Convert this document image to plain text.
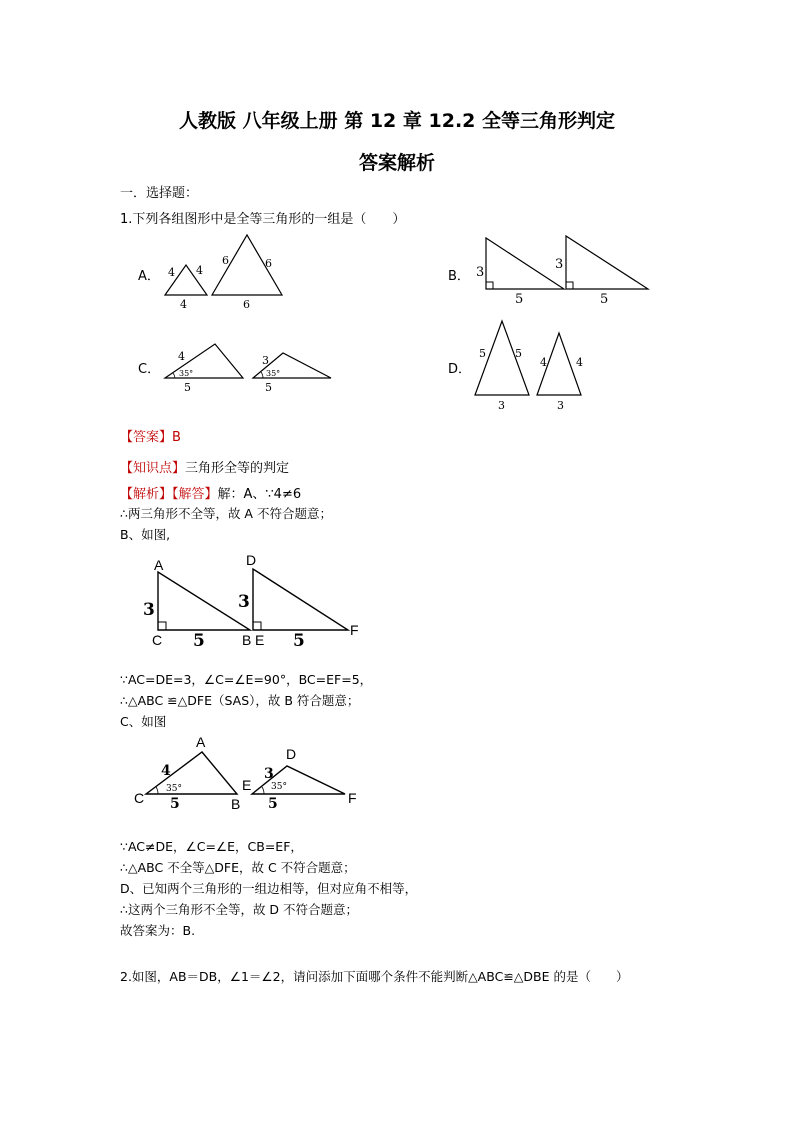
人教版 八年级上册 第 12 章 12.2 全等三角形判定
答案解析
一．选择题：
1.下列各组图形中是全等三角形的一组是（　　）
A．	B．
C．	D．
4 4
4
6	6
6
3
5
3
5
4
35°
5
3
35°
5
5	5
3
4	4
3
【答案】B
【知识点】三角形全等的判定
【解析】【解答】解：A、∵4≠6
∴两三角形不全等，故 A 不符合题意；
B、如图,
A
C	B
D
E
F
3
5
3
5
∵AC=DE=3，∠C=∠E=90°，BC=EF=5，
∴△ABC ≌△DFE（SAS），故 B 符合题意；
C、如图
A
C	B
D
E
F
4
35°
5
3
35°
5
∵AC≠DE，∠C=∠E，CB=EF，
∴△ABC 不全等△DFE，故 C 不符合题意；
D、已知两个三角形的一组边相等，但对应角不相等，
∴这两个三角形不全等，故 D 不符合题意；
故答案为：B.
2.如图，AB＝DB，∠1＝∠2，请问添加下面哪个条件不能判断△ABC≌△DBE 的是（　　）
